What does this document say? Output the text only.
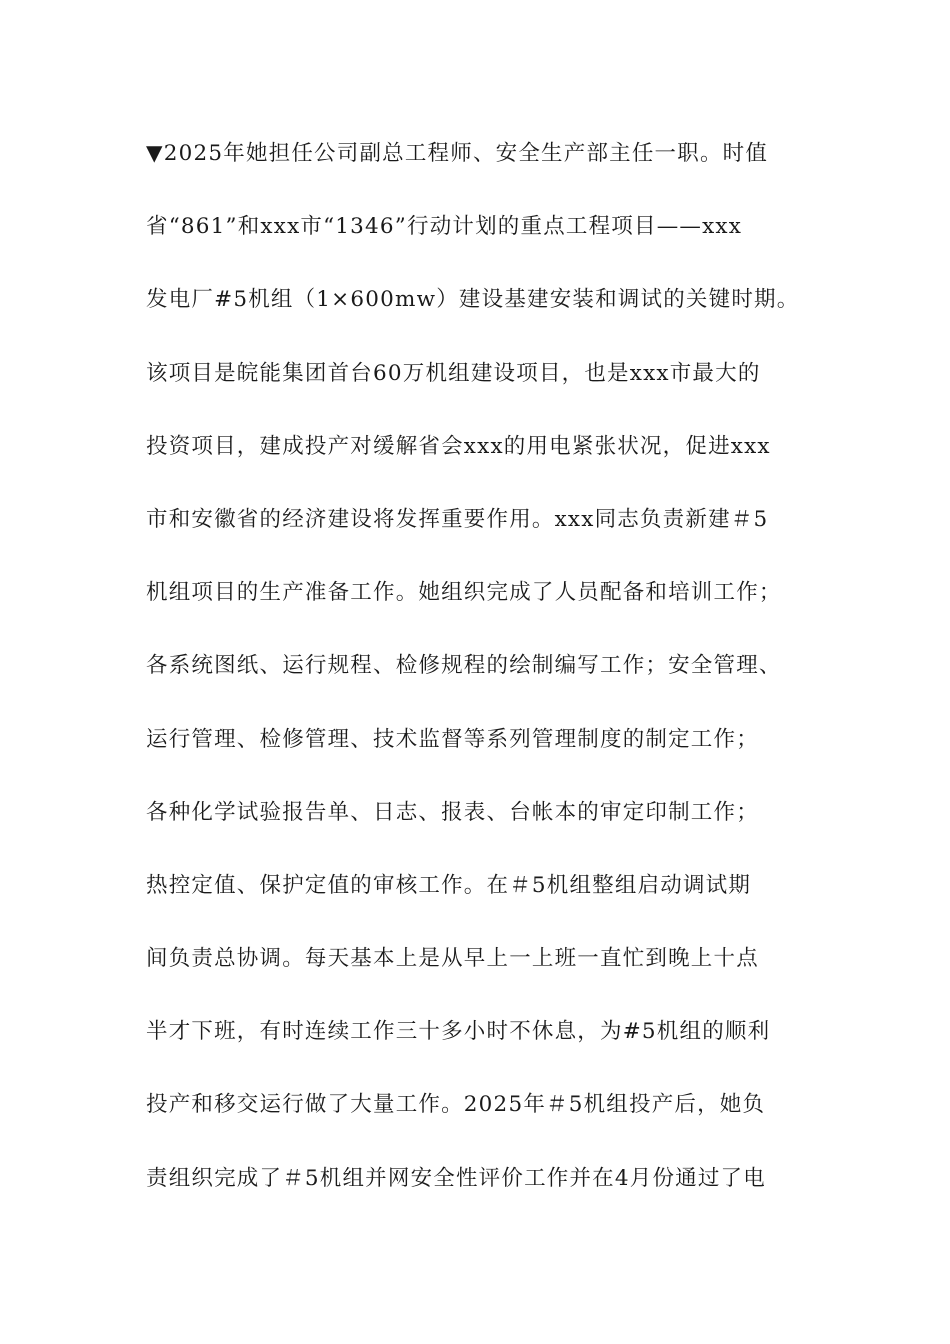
▼2025年她担任公司副总工程师、安全生产部主任一职。时值
省“861”和xxx市“1346”行动计划的重点工程项目——xxx
发电厂#5机组（1×600mw）建设基建安装和调试的关键时期。
该项目是皖能集团首台60万机组建设项目，也是xxx市最大的
投资项目，建成投产对缓解省会xxx的用电紧张状况，促进xxx
市和安徽省的经济建设将发挥重要作用。xxx同志负责新建＃5
机组项目的生产准备工作。她组织完成了人员配备和培训工作；
各系统图纸、运行规程、检修规程的绘制编写工作；安全管理、
运行管理、检修管理、技术监督等系列管理制度的制定工作；
各种化学试验报告单、日志、报表、台帐本的审定印制工作；
热控定值、保护定值的审核工作。在＃5机组整组启动调试期
间负责总协调。每天基本上是从早上一上班一直忙到晚上十点
半才下班，有时连续工作三十多小时不休息，为#5机组的顺利
投产和移交运行做了大量工作。2025年＃5机组投产后，她负
责组织完成了＃5机组并网安全性评价工作并在4月份通过了电
